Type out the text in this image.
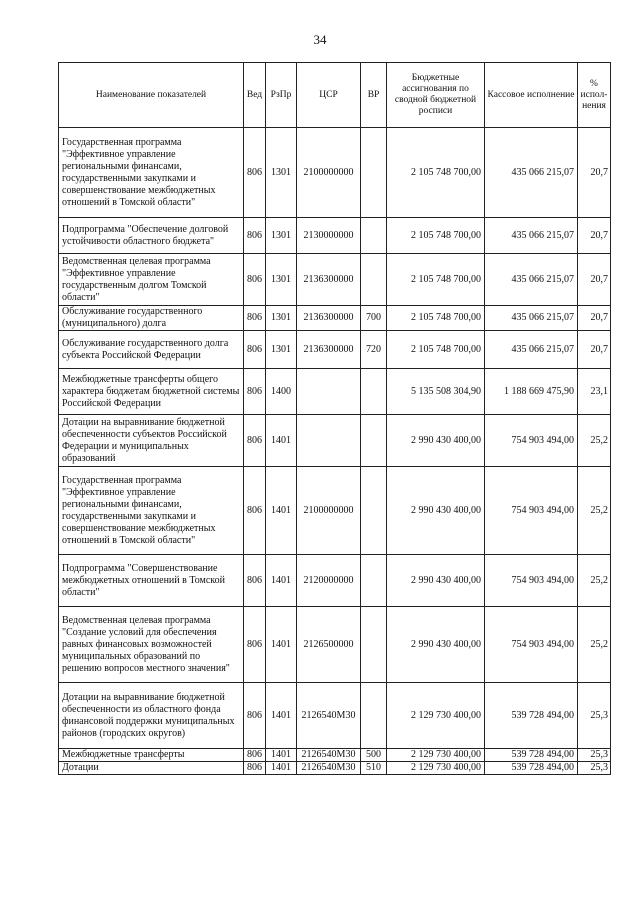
34
Наименование показателей	Вед	РзПр	ЦСР	ВР	Бюджетные ассигнования по сводной бюджетной росписи	Кассовое исполнение	% испол-нения
Государственная программа "Эффективное управление региональными финансами, государственными закупками и совершенствование межбюджетных отношений в Томской области"	806	1301	2100000000		2 105 748 700,00	435 066 215,07	20,7
Подпрограмма "Обеспечение долговой устойчивости областного бюджета"	806	1301	2130000000		2 105 748 700,00	435 066 215,07	20,7
Ведомственная целевая программа "Эффективное управление государственным долгом Томской области"	806	1301	2136300000		2 105 748 700,00	435 066 215,07	20,7
Обслуживание государственного (муниципального) долга	806	1301	2136300000	700	2 105 748 700,00	435 066 215,07	20,7
Обслуживание государственного долга субъекта Российской Федерации	806	1301	2136300000	720	2 105 748 700,00	435 066 215,07	20,7
Межбюджетные трансферты общего характера бюджетам бюджетной системы Российской Федерации	806	1400			5 135 508 304,90	1 188 669 475,90	23,1
Дотации на выравнивание бюджетной обеспеченности субъектов Российской Федерации и муниципальных образований	806	1401			2 990 430 400,00	754 903 494,00	25,2
Государственная программа "Эффективное управление региональными финансами, государственными закупками и совершенствование межбюджетных отношений в Томской области"	806	1401	2100000000		2 990 430 400,00	754 903 494,00	25,2
Подпрограмма "Совершенствование межбюджетных отношений в Томской области"	806	1401	2120000000		2 990 430 400,00	754 903 494,00	25,2
Ведомственная целевая программа "Создание условий для обеспечения равных финансовых возможностей муниципальных образований по решению вопросов местного значения"	806	1401	2126500000		2 990 430 400,00	754 903 494,00	25,2
Дотации на выравнивание бюджетной обеспеченности из областного фонда финансовой поддержки муниципальных районов (городских округов)	806	1401	2126540М30		2 129 730 400,00	539 728 494,00	25,3
Межбюджетные трансферты	806	1401	2126540М30	500	2 129 730 400,00	539 728 494,00	25,3
Дотации	806	1401	2126540М30	510	2 129 730 400,00	539 728 494,00	25,3
